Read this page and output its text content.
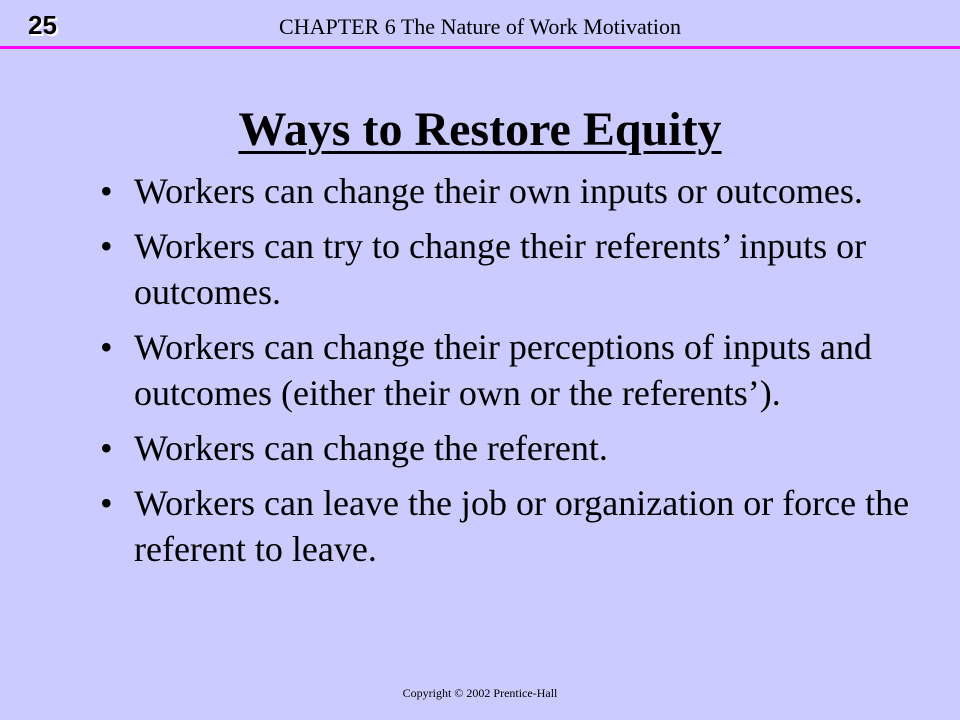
25	CHAPTER 6 The Nature of Work Motivation
Ways to Restore Equity
• Workers can change their own inputs or outcomes.
• Workers can try to change their referents’ inputs or outcomes.
• Workers can change their perceptions of inputs and outcomes (either their own or the referents’).
• Workers can change the referent.
• Workers can leave the job or organization or force the referent to leave.
Copyright © 2002 Prentice-Hall
